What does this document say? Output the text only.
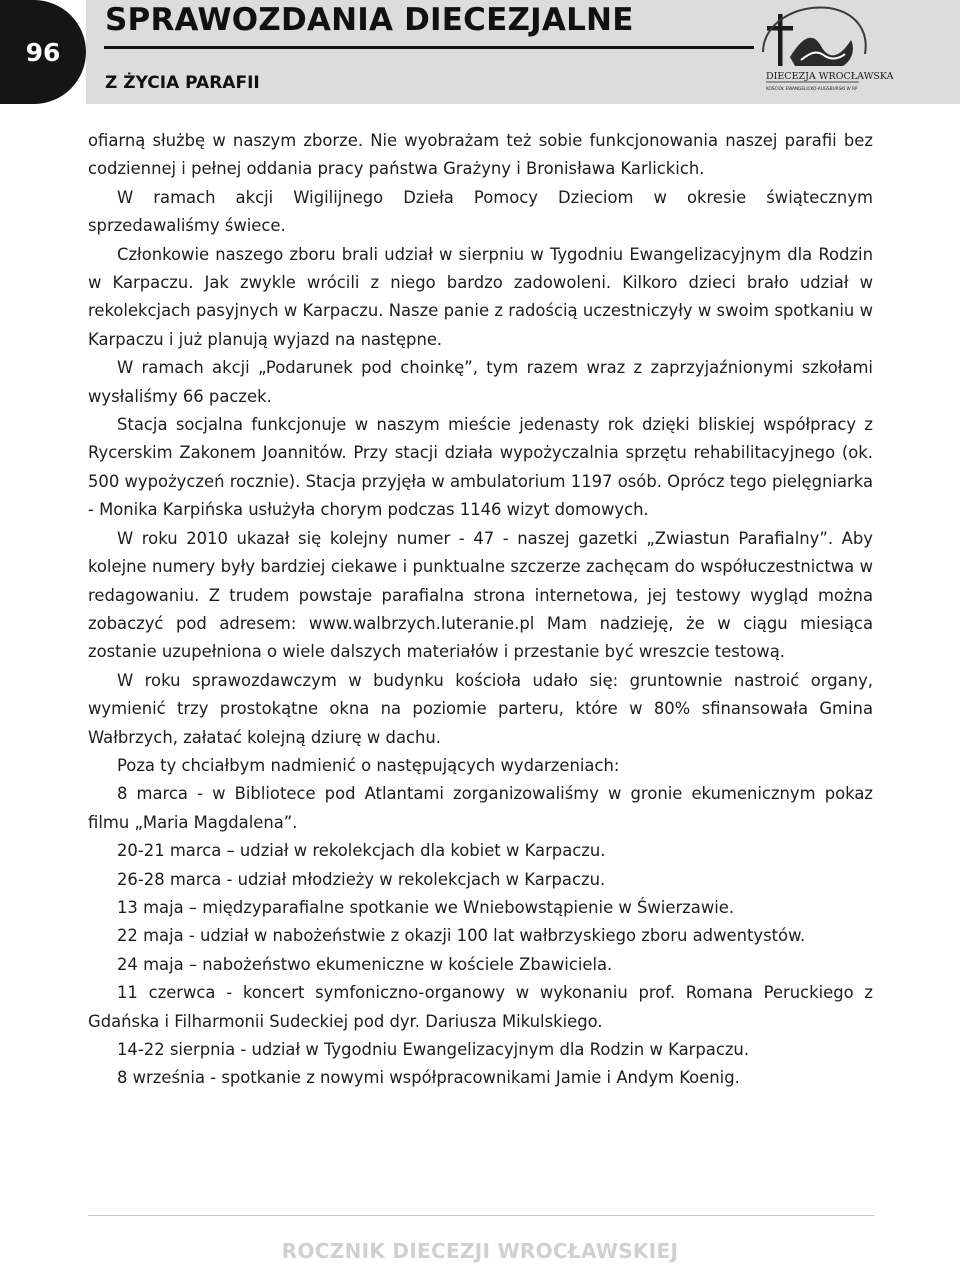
96
SPRAWOZDANIA DIECEZJALNE
Z ŻYCIA PARAFII	DIECEZJA WROCŁAWSKA
KOŚCIÓŁ EWANGELICKO-AUGSBURSKI W RP

ofiarną służbę w naszym zborze. Nie wyobrażam też sobie funkcjonowania naszej parafii bez codziennej i pełnej oddania pracy państwa Grażyny i Bronisława Karlickich.

W ramach akcji Wigilijnego Dzieła Pomocy Dzieciom w okresie świątecznym sprzedawaliśmy świece.

Członkowie naszego zboru brali udział w sierpniu w Tygodniu Ewangelizacyjnym dla Rodzin w Karpaczu. Jak zwykle wrócili z niego bardzo zadowoleni. Kilkoro dzieci brało udział w rekolekcjach pasyjnych w Karpaczu. Nasze panie z radością uczestniczyły w swoim spotkaniu w Karpaczu i już planują wyjazd na następne.

W ramach akcji „Podarunek pod choinkę”, tym razem wraz z zaprzyjaźnionymi szkołami wysłaliśmy 66 paczek.

Stacja socjalna funkcjonuje w naszym mieście jedenasty rok dzięki bliskiej współpracy z Rycerskim Zakonem Joannitów. Przy stacji działa wypożyczalnia sprzętu rehabilitacyjnego (ok. 500 wypożyczeń rocznie). Stacja przyjęła w ambulatorium 1197 osób. Oprócz tego pielęgniarka - Monika Karpińska usłużyła chorym podczas 1146 wizyt domowych.

W roku 2010 ukazał się kolejny numer - 47 - naszej gazetki „Zwiastun Parafialny”. Aby kolejne numery były bardziej ciekawe i punktualne szczerze zachęcam do współuczestnictwa w redagowaniu. Z trudem powstaje parafialna strona internetowa, jej testowy wygląd można zobaczyć pod adresem: www.walbrzych.luteranie.pl Mam nadzieję, że w ciągu miesiąca zostanie uzupełniona o wiele dalszych materiałów i przestanie być wreszcie testową.

W roku sprawozdawczym w budynku kościoła udało się: gruntownie nastroić organy, wymienić trzy prostokątne okna na poziomie parteru, które w 80% sfinansowała Gmina Wałbrzych, załatać kolejną dziurę w dachu.

Poza ty chciałbym nadmienić o następujących wydarzeniach:

8 marca - w Bibliotece pod Atlantami zorganizowaliśmy w gronie ekumenicznym pokaz filmu „Maria Magdalena”.

20-21 marca – udział w rekolekcjach dla kobiet w Karpaczu.

26-28 marca - udział młodzieży w rekolekcjach w Karpaczu.

13 maja – międzyparafialne spotkanie we Wniebowstąpienie w Świerzawie.

22 maja - udział w nabożeństwie z okazji 100 lat wałbrzyskiego zboru adwentystów.

24 maja – nabożeństwo ekumeniczne w kościele Zbawiciela.

11 czerwca - koncert symfoniczno-organowy w wykonaniu prof. Romana Peruckiego z Gdańska i Filharmonii Sudeckiej pod dyr. Dariusza Mikulskiego.

14-22 sierpnia - udział w Tygodniu Ewangelizacyjnym dla Rodzin w Karpaczu.

8 września - spotkanie z nowymi współpracownikami Jamie i Andym Koenig.

ROCZNIK DIECEZJI WROCŁAWSKIEJ
